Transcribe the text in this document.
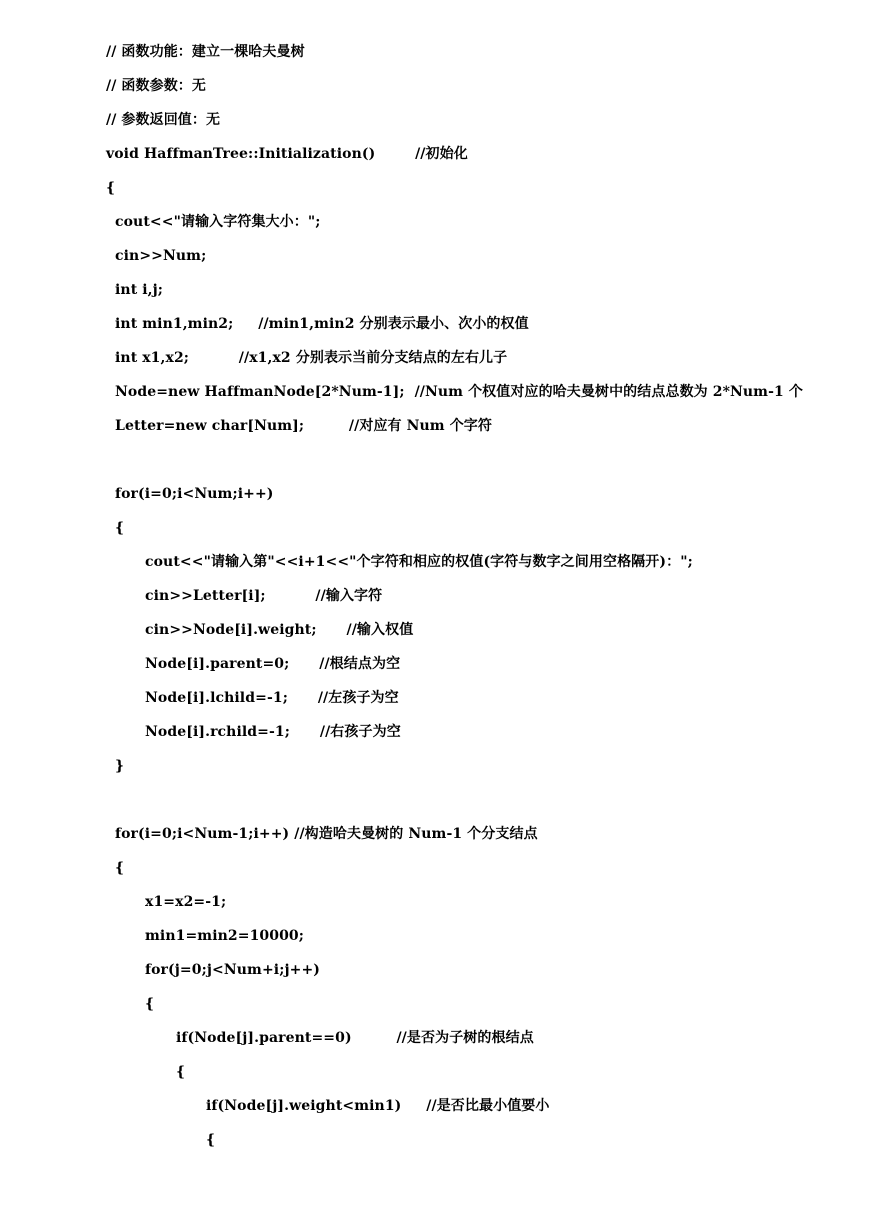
// 函数功能：建立一棵哈夫曼树
// 函数参数：无
// 参数返回值：无
void HaffmanTree::Initialization()        //初始化
{
cout<<"请输入字符集大小：";
cin>>Num;
int i,j;
int min1,min2;     //min1,min2 分别表示最小、次小的权值
int x1,x2;          //x1,x2 分别表示当前分支结点的左右儿子
Node=new HaffmanNode[2*Num-1];  //Num 个权值对应的哈夫曼树中的结点总数为 2*Num-1 个
Letter=new char[Num];         //对应有 Num 个字符
for(i=0;i<Num;i++)
{
cout<<"请输入第"<<i+1<<"个字符和相应的权值(字符与数字之间用空格隔开)：";
cin>>Letter[i];          //输入字符
cin>>Node[i].weight;      //输入权值
Node[i].parent=0;      //根结点为空
Node[i].lchild=-1;      //左孩子为空
Node[i].rchild=-1;      //右孩子为空
}
for(i=0;i<Num-1;i++) //构造哈夫曼树的 Num-1 个分支结点
{
x1=x2=-1;
min1=min2=10000;
for(j=0;j<Num+i;j++)
{
if(Node[j].parent==0)         //是否为子树的根结点
{
if(Node[j].weight<min1)     //是否比最小值要小
{
